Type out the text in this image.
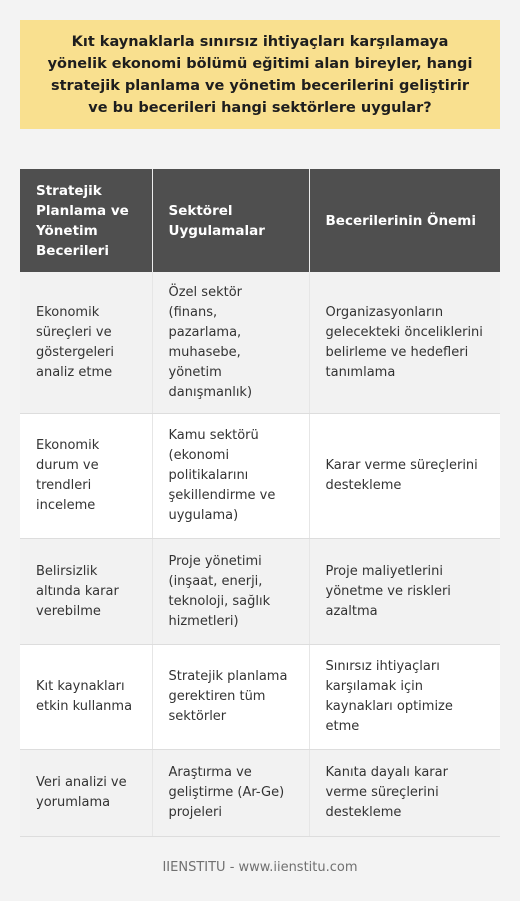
Kıt kaynaklarla sınırsız ihtiyaçları karşılamaya yönelik ekonomi bölümü eğitimi alan bireyler, hangi stratejik planlama ve yönetim becerilerini geliştirir ve bu becerileri hangi sektörlere uygular?
Stratejik Planlama ve Yönetim Becerileri	Sektörel Uygulamalar	Becerilerinin Önemi
Ekonomik süreçleri ve göstergeleri analiz etme	Özel sektör (finans, pazarlama, muhasebe, yönetim danışmanlık)	Organizasyonların gelecekteki önceliklerini belirleme ve hedefleri tanımlama
Ekonomik durum ve trendleri inceleme	Kamu sektörü (ekonomi politikalarını şekillendirme ve uygulama)	Karar verme süreçlerini destekleme
Belirsizlik altında karar verebilme	Proje yönetimi (inşaat, enerji, teknoloji, sağlık hizmetleri)	Proje maliyetlerini yönetme ve riskleri azaltma
Kıt kaynakları etkin kullanma	Stratejik planlama gerektiren tüm sektörler	Sınırsız ihtiyaçları karşılamak için kaynakları optimize etme
Veri analizi ve yorumlama	Araştırma ve geliştirme (Ar-Ge) projeleri	Kanıta dayalı karar verme süreçlerini destekleme
IIENSTITU - www.iienstitu.com
